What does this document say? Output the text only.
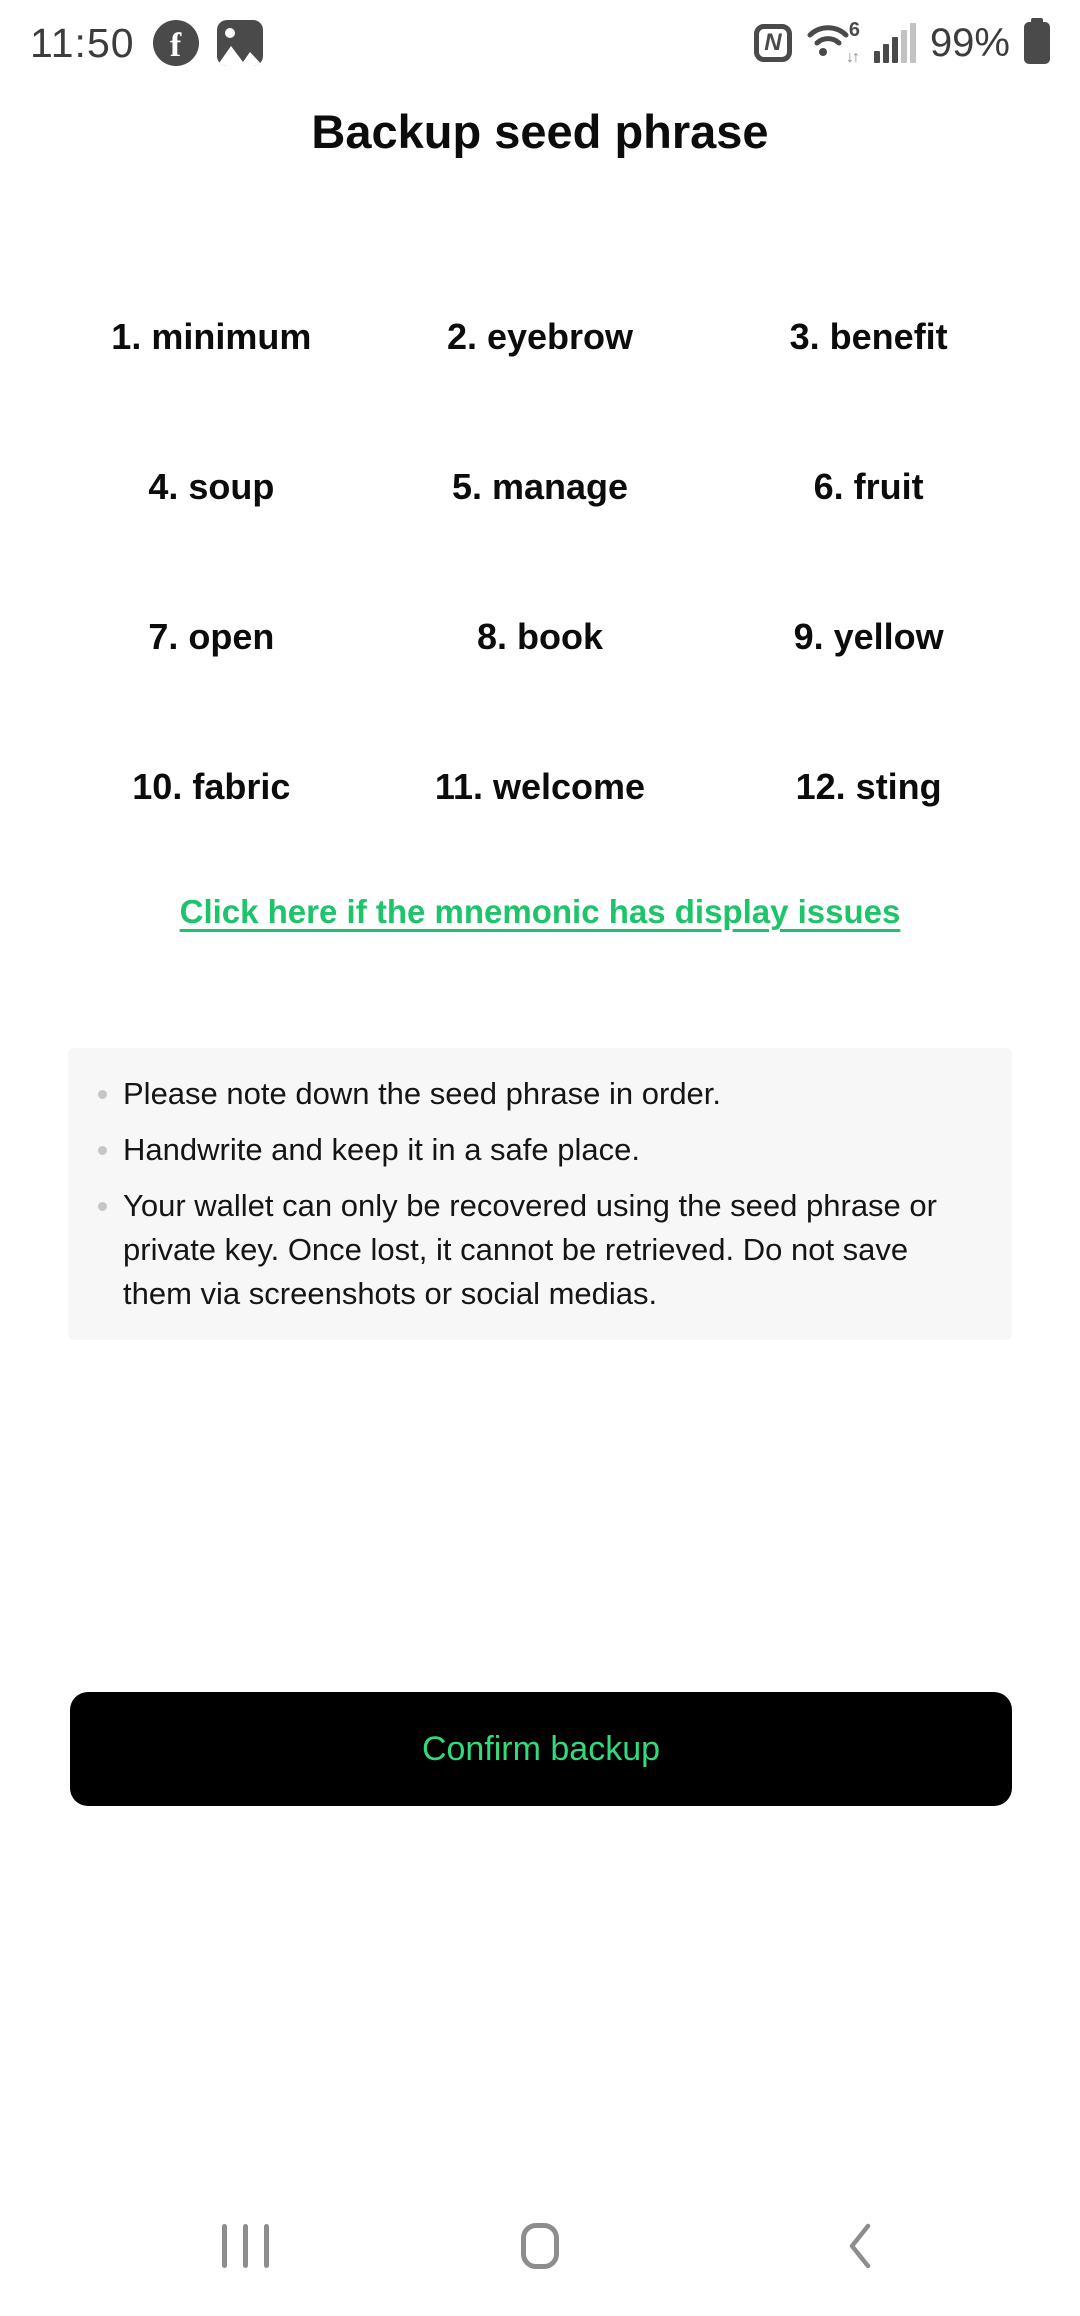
11:50 f	N	6
↓↑ 99%
Backup seed phrase
1. minimum	2. eyebrow	3. benefit
4. soup	5. manage	6. fruit
7. open	8. book	9. yellow
10. fabric	11. welcome	12. sting
Click here if the mnemonic has display issues
Please note down the seed phrase in order.
Handwrite and keep it in a safe place.
Your wallet can only be recovered using the seed phrase or private key. Once lost, it cannot be retrieved. Do not save them via screenshots or social medias.
Confirm backup
